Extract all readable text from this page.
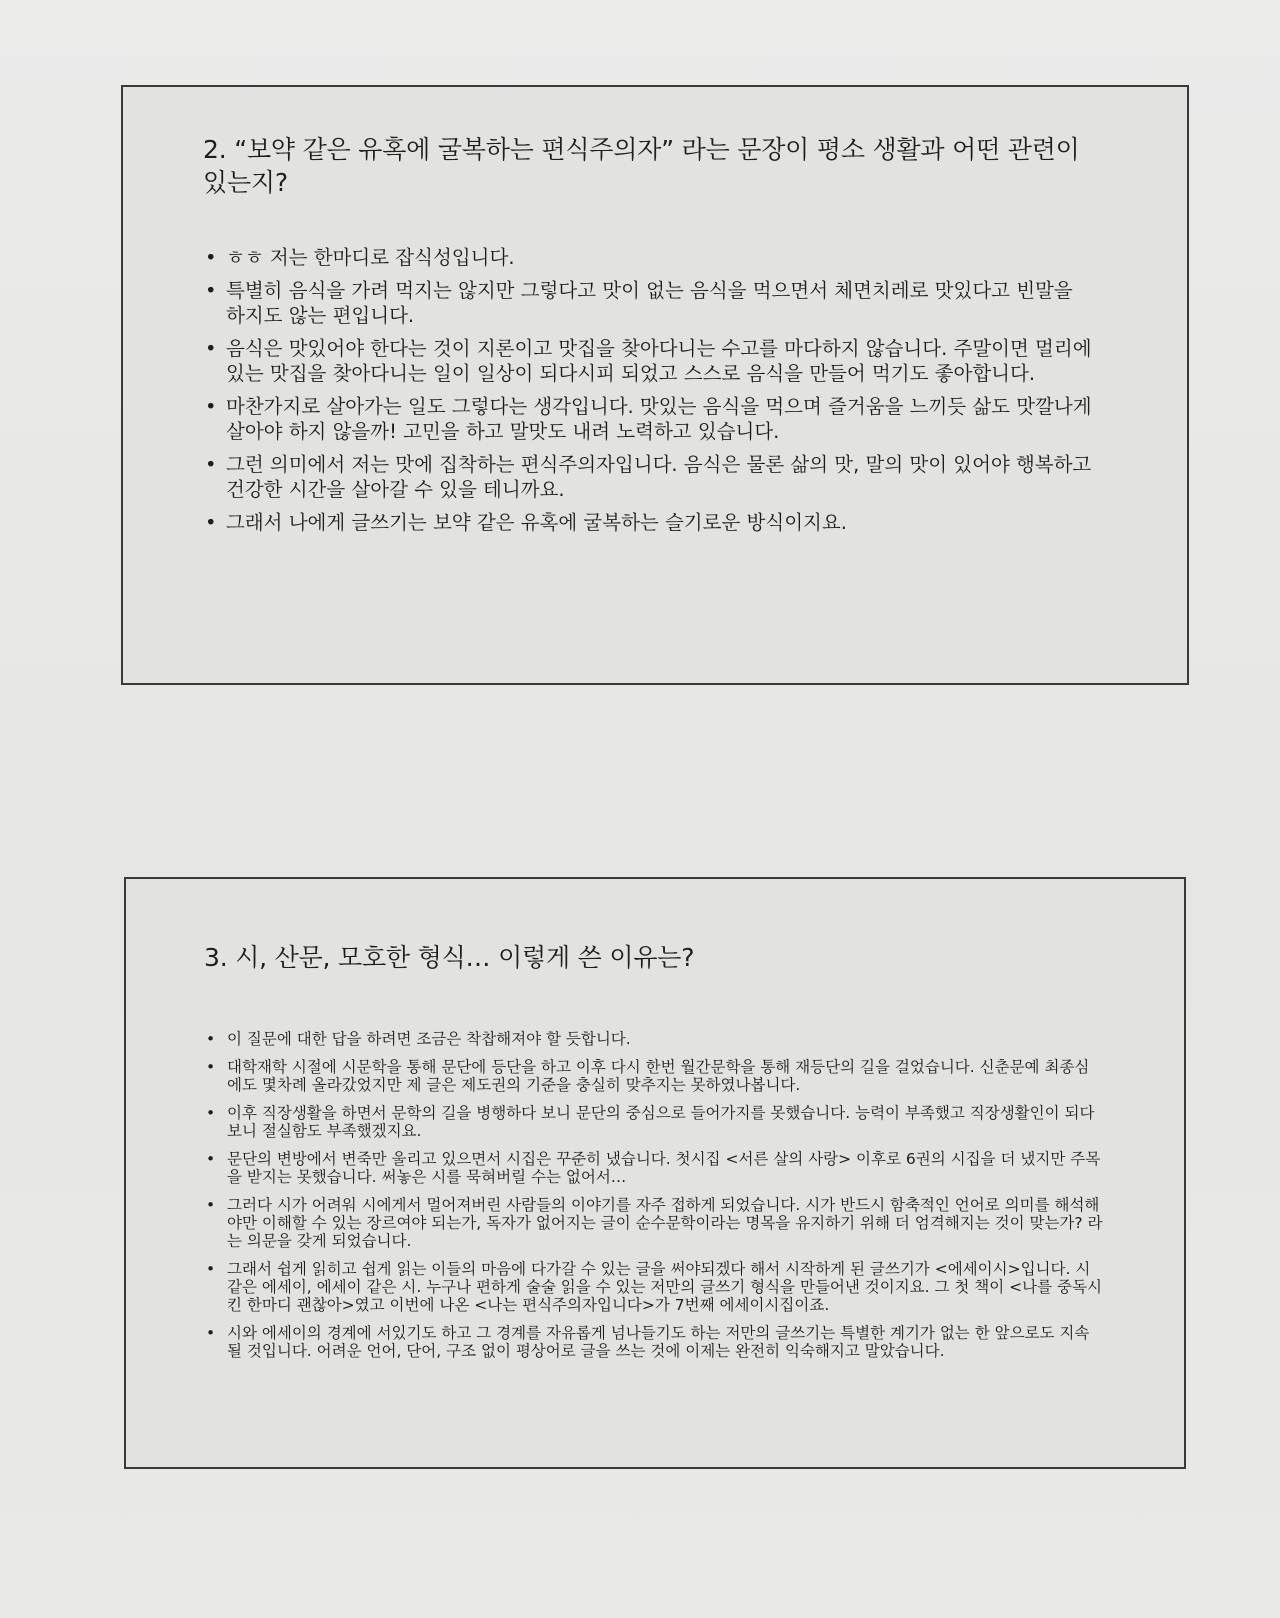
2. “보약 같은 유혹에 굴복하는 편식주의자” 라는 문장이 평소 생활과 어떤 관련이 있는지?
• ㅎㅎ 저는 한마디로 잡식성입니다.
• 특별히 음식을 가려 먹지는 않지만 그렇다고 맛이 없는 음식을 먹으면서 체면치레로 맛있다고 빈말을 하지도 않는 편입니다.
• 음식은 맛있어야 한다는 것이 지론이고 맛집을 찾아다니는 수고를 마다하지 않습니다. 주말이면 멀리에 있는 맛집을 찾아다니는 일이 일상이 되다시피 되었고 스스로 음식을 만들어 먹기도 좋아합니다.
• 마찬가지로 살아가는 일도 그렇다는 생각입니다. 맛있는 음식을 먹으며 즐거움을 느끼듯 삶도 맛깔나게 살아야 하지 않을까! 고민을 하고 말맛도 내려 노력하고 있습니다.
• 그런 의미에서 저는 맛에 집착하는 편식주의자입니다. 음식은 물론 삶의 맛, 말의 맛이 있어야 행복하고 건강한 시간을 살아갈 수 있을 테니까요.
• 그래서 나에게 글쓰기는 보약 같은 유혹에 굴복하는 슬기로운 방식이지요.
3. 시, 산문, 모호한 형식… 이렇게 쓴 이유는?
• 이 질문에 대한 답을 하려면 조금은 착찹해져야 할 듯합니다.
• 대학재학 시절에 시문학을 통해 문단에 등단을 하고 이후 다시 한번 월간문학을 통해 재등단의 길을 걸었습니다. 신춘문예 최종심에도 몇차례 올라갔었지만 제 글은 제도권의 기준을 충실히 맞추지는 못하였나봅니다.
• 이후 직장생활을 하면서 문학의 길을 병행하다 보니 문단의 중심으로 들어가지를 못했습니다. 능력이 부족했고 직장생활인이 되다보니 절실함도 부족했겠지요.
• 문단의 변방에서 변죽만 울리고 있으면서 시집은 꾸준히 냈습니다. 첫시집 <서른 살의 사랑> 이후로 6권의 시집을 더 냈지만 주목을 받지는 못했습니다. 써놓은 시를 묵혀버릴 수는 없어서…
• 그러다 시가 어려워 시에게서 멀어져버린 사람들의 이야기를 자주 접하게 되었습니다. 시가 반드시 함축적인 언어로 의미를 해석해야만 이해할 수 있는 장르여야 되는가, 독자가 없어지는 글이 순수문학이라는 명목을 유지하기 위해 더 엄격해지는 것이 맞는가? 라는 의문을 갖게 되었습니다.
• 그래서 쉽게 읽히고 쉽게 읽는 이들의 마음에 다가갈 수 있는 글을 써야되겠다 해서 시작하게 된 글쓰기가 <에세이시>입니다. 시 같은 에세이, 에세이 같은 시. 누구나 편하게 술술 읽을 수 있는 저만의 글쓰기 형식을 만들어낸 것이지요. 그 첫 책이 <나를 중독시킨 한마디 괜찮아>였고 이번에 나온 <나는 편식주의자입니다>가 7번째 에세이시집이죠.
• 시와 에세이의 경계에 서있기도 하고 그 경계를 자유롭게 넘나들기도 하는 저만의 글쓰기는 특별한 계기가 없는 한 앞으로도 지속될 것입니다. 어려운 언어, 단어, 구조 없이 평상어로 글을 쓰는 것에 이제는 완전히 익숙해지고 말았습니다.
